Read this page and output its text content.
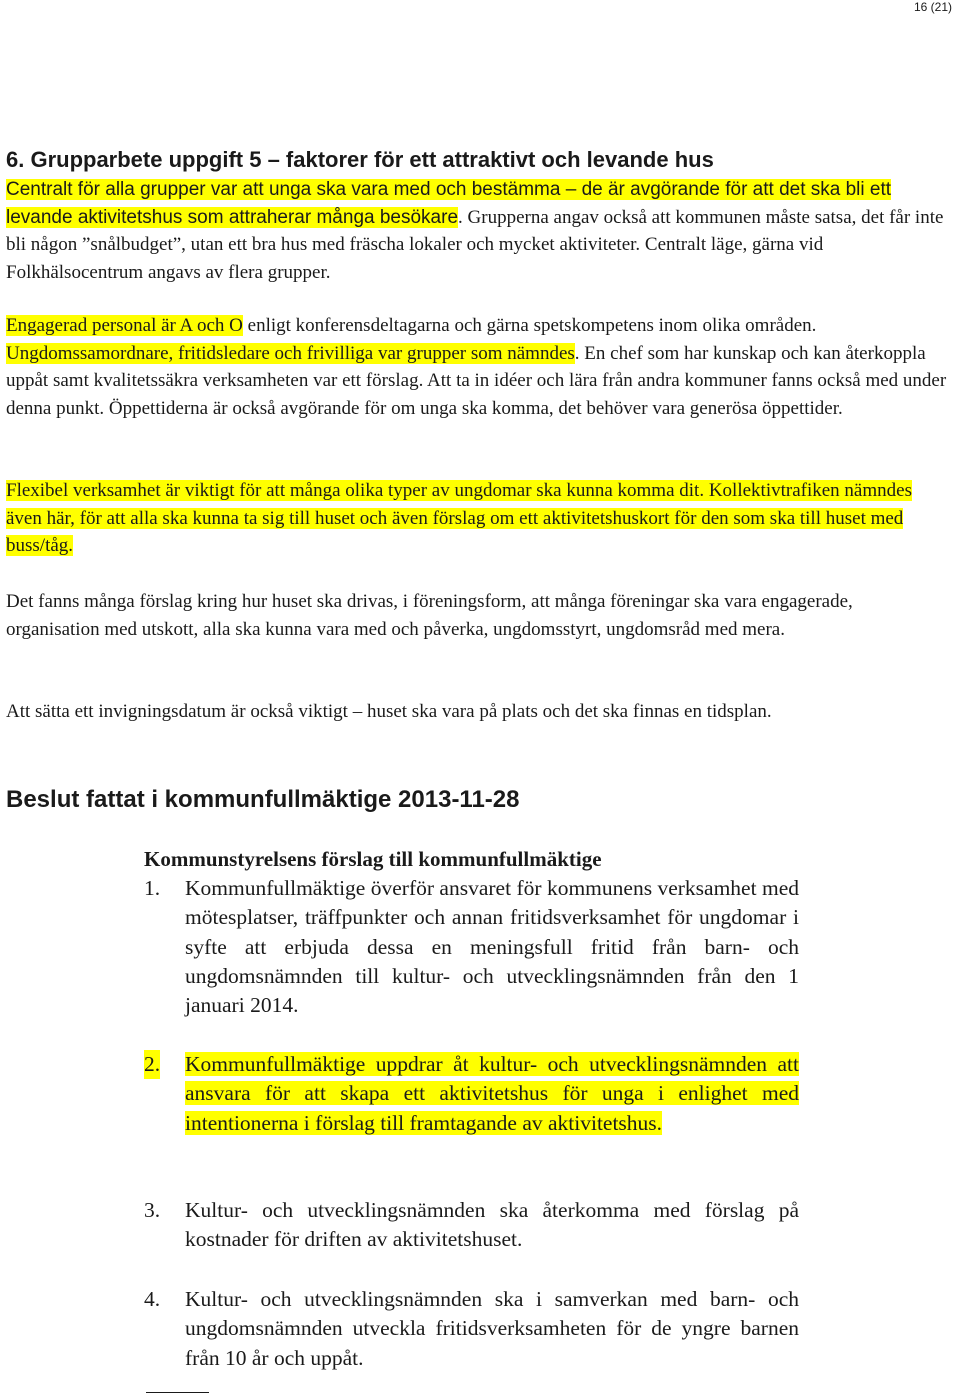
16 (21)
6. Grupparbete uppgift 5 – faktorer för ett attraktivt och levande hus
Centralt för alla grupper var att unga ska vara med och bestämma – de är avgörande för att det ska bli ett levande aktivitetshus som attraherar många besökare. Grupperna angav också att kommunen måste satsa, det får inte bli någon ”snålbudget”, utan ett bra hus med fräscha lokaler och mycket aktiviteter. Centralt läge, gärna vid Folkhälsocentrum angavs av flera grupper.
Engagerad personal är A och O enligt konferensdeltagarna och gärna spetskompetens inom olika områden. Ungdomssamordnare, fritidsledare och frivilliga var grupper som nämndes. En chef som har kunskap och kan återkoppla uppåt samt kvalitetssäkra verksamheten var ett förslag. Att ta in idéer och lära från andra kommuner fanns också med under denna punkt. Öppettiderna är också avgörande för om unga ska komma, det behöver vara generösa öppettider.
Flexibel verksamhet är viktigt för att många olika typer av ungdomar ska kunna komma dit. Kollektivtrafiken nämndes även här, för att alla ska kunna ta sig till huset och även förslag om ett aktivitetshuskort för den som ska till huset med buss/tåg.
Det fanns många förslag kring hur huset ska drivas, i föreningsform, att många föreningar ska vara engagerade, organisation med utskott, alla ska kunna vara med och påverka, ungdomsstyrt, ungdomsråd med mera.
Att sätta ett invigningsdatum är också viktigt – huset ska vara på plats och det ska finnas en tidsplan.
Beslut fattat i kommunfullmäktige 2013-11-28
Kommunstyrelsens förslag till kommunfullmäktige
1. Kommunfullmäktige överför ansvaret för kommunens verksamhet med mötesplatser, träffpunkter och annan fritidsverksamhet för ungdomar i syfte att erbjuda dessa en meningsfull fritid från barn- och ungdomsnämnden till kultur- och utvecklingsnämnden från den 1 januari 2014.
2. Kommunfullmäktige uppdrar åt kultur- och utvecklingsnämnden att ansvara för att skapa ett aktivitetshus för unga i enlighet med intentionerna i förslag till framtagande av aktivitetshus.
3. Kultur- och utvecklingsnämnden ska återkomma med förslag på kostnader för driften av aktivitetshuset.
4. Kultur- och utvecklingsnämnden ska i samverkan med barn- och ungdomsnämnden utveckla fritidsverksamheten för de yngre barnen från 10 år och uppåt.
